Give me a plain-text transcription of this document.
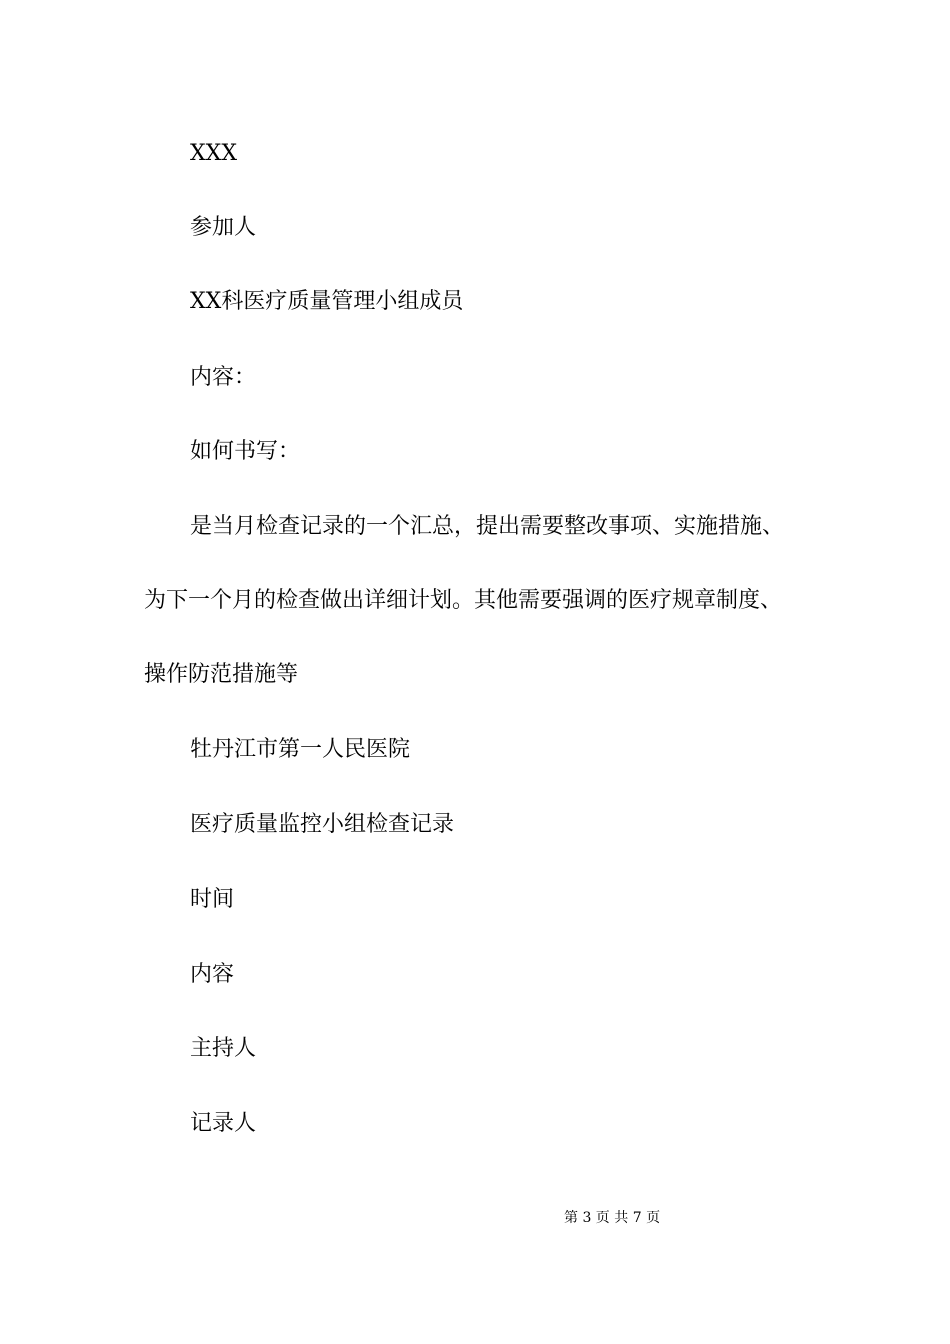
XXX
参加人
XX科医疗质量管理小组成员
内容：
如何书写：
是当月检查记录的一个汇总，提出需要整改事项、实施措施、
为下一个月的检查做出详细计划。其他需要强调的医疗规章制度、
操作防范措施等
牡丹江市第一人民医院
医疗质量监控小组检查记录
时间
内容
主持人
记录人
第 3 页 共 7 页
